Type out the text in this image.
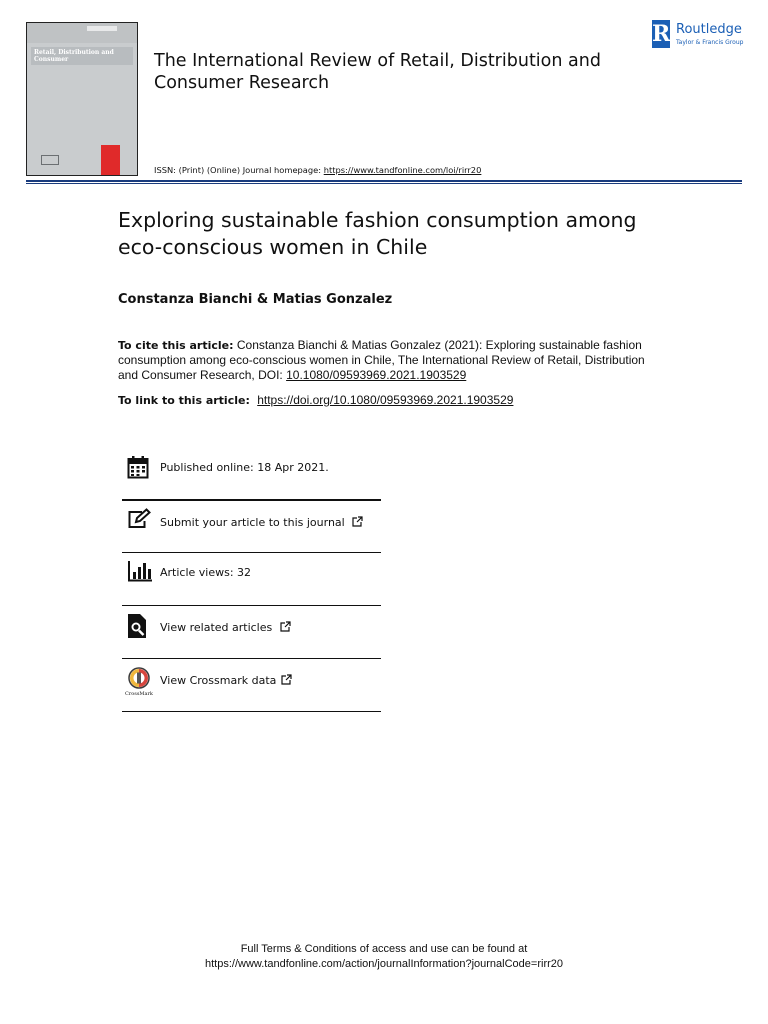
Retail, Distribution and Consumer	The International Review of Retail, Distribution and Consumer Research
ISSN: (Print) (Online) Journal homepage: https://www.tandfonline.com/loi/rirr20
R Routledge
Taylor & Francis Group
Exploring sustainable fashion consumption among eco-conscious women in Chile
Constanza Bianchi & Matias Gonzalez
To cite this article: Constanza Bianchi & Matias Gonzalez (2021): Exploring sustainable fashion consumption among eco-conscious women in Chile, The International Review of Retail, Distribution and Consumer Research, DOI: 10.1080/09593969.2021.1903529
To link to this article: https://doi.org/10.1080/09593969.2021.1903529
Published online: 18 Apr 2021.
Submit your article to this journal
Article views: 32
View related articles
CrossMark
View Crossmark data
Full Terms & Conditions of access and use can be found at
https://www.tandfonline.com/action/journalInformation?journalCode=rirr20
